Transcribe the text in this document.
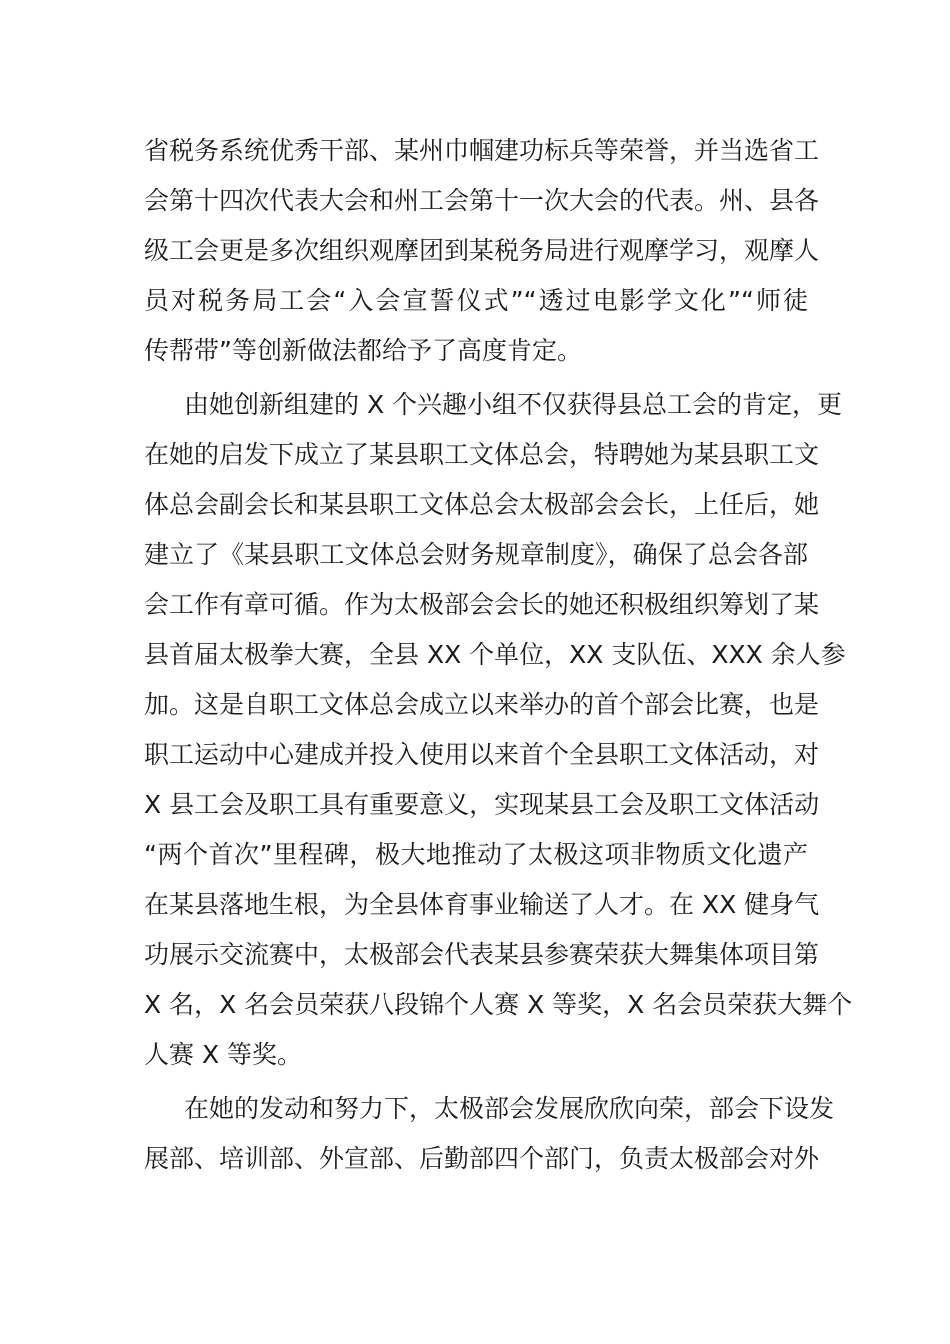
省税务系统优秀干部、某州巾帼建功标兵等荣誉，并当选省工
会第十四次代表大会和州工会第十一次大会的代表。州、县各
级工会更是多次组织观摩团到某税务局进行观摩学习，观摩人
员对税务局工会“入会宣誓仪式”“透过电影学文化”“师徒
传帮带”等创新做法都给予了高度肯定。
由她创新组建的 X 个兴趣小组不仅获得县总工会的肯定，更
在她的启发下成立了某县职工文体总会，特聘她为某县职工文
体总会副会长和某县职工文体总会太极部会会长，上任后，她
建立了《某县职工文体总会财务规章制度》，确保了总会各部
会工作有章可循。作为太极部会会长的她还积极组织筹划了某
县首届太极拳大赛，全县 XX 个单位，XX 支队伍、XXX 余人参
加。这是自职工文体总会成立以来举办的首个部会比赛，也是
职工运动中心建成并投入使用以来首个全县职工文体活动，对
X 县工会及职工具有重要意义，实现某县工会及职工文体活动
“两个首次”里程碑，极大地推动了太极这项非物质文化遗产
在某县落地生根，为全县体育事业输送了人才。在 XX 健身气
功展示交流赛中，太极部会代表某县参赛荣获大舞集体项目第
X 名，X 名会员荣获八段锦个人赛 X 等奖，X 名会员荣获大舞个
人赛 X 等奖。
在她的发动和努力下，太极部会发展欣欣向荣，部会下设发
展部、培训部、外宣部、后勤部四个部门，负责太极部会对外
